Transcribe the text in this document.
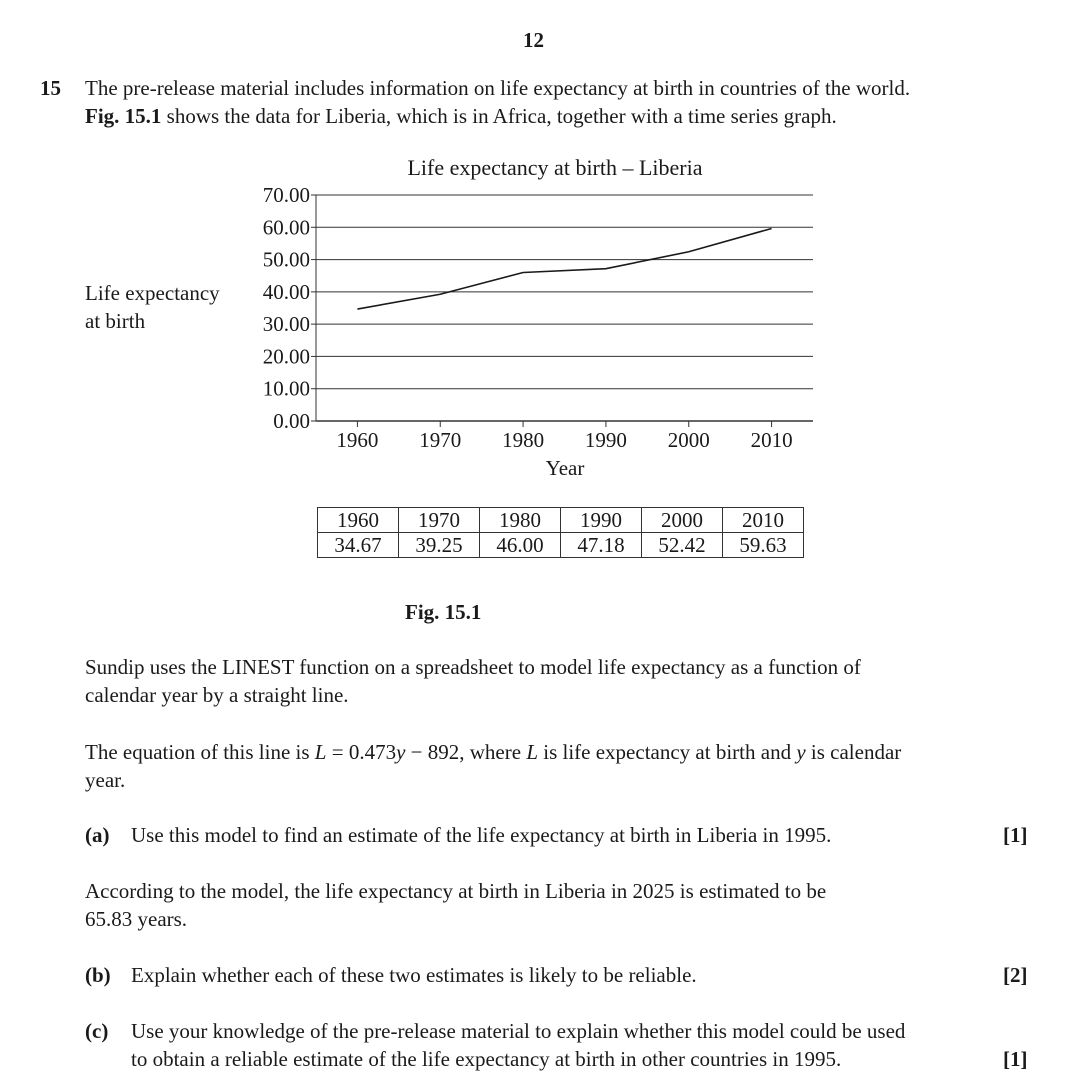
12
15 The pre-release material includes information on life expectancy at birth in countries of the world.
Fig. 15.1 shows the data for Liberia, which is in Africa, together with a time series graph.
Life expectancy at birth – Liberia
Life expectancy
at birth
Year
0.00
10.00
20.00
30.00
40.00
50.00
60.00
70.00
1960 1970 1980 1990 2000 2010
1960	1970	1980	1990	2000	2010
34.67	39.25	46.00	47.18	52.42	59.63
Fig. 15.1
Sundip uses the LINEST function on a spreadsheet to model life expectancy as a function of
calendar year by a straight line.
The equation of this line is L = 0.473y − 892, where L is life expectancy at birth and y is calendar
year.
(a) Use this model to find an estimate of the life expectancy at birth in Liberia in 1995.	[1]
According to the model, the life expectancy at birth in Liberia in 2025 is estimated to be
65.83 years.
(b) Explain whether each of these two estimates is likely to be reliable.	[2]
(c) Use your knowledge of the pre-release material to explain whether this model could be used
to obtain a reliable estimate of the life expectancy at birth in other countries in 1995.	[1]
